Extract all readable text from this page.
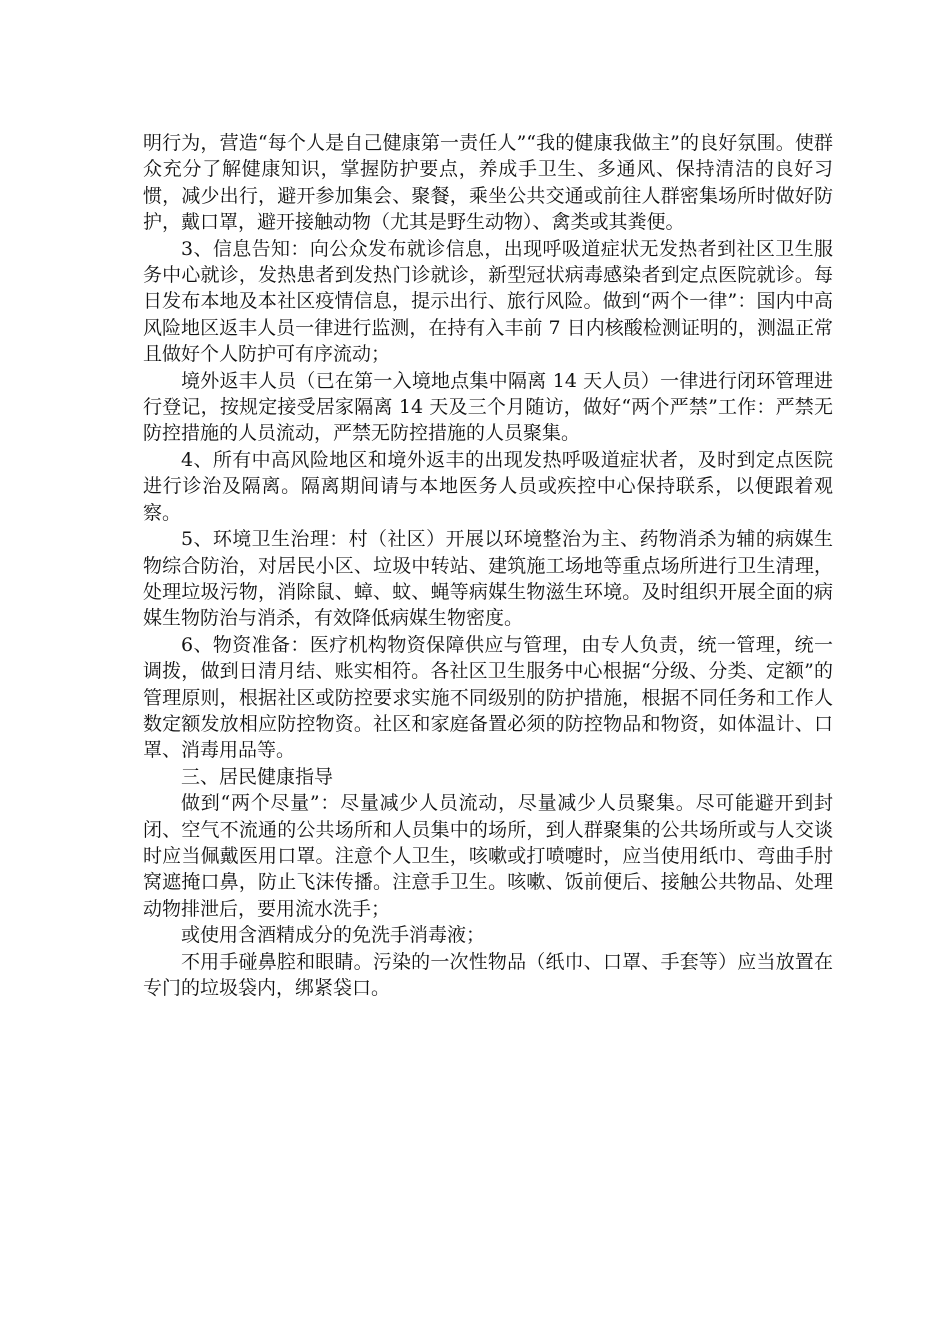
明行为，营造“每个人是自己健康第一责任人”“我的健康我做主”的良好氛围。使群众充分了解健康知识，掌握防护要点，养成手卫生、多通风、保持清洁的良好习惯，减少出行，避开参加集会、聚餐，乘坐公共交通或前往人群密集场所时做好防护，戴口罩，避开接触动物（尤其是野生动物）、禽类或其粪便。

3、信息告知：向公众发布就诊信息，出现呼吸道症状无发热者到社区卫生服务中心就诊，发热患者到发热门诊就诊，新型冠状病毒感染者到定点医院就诊。每日发布本地及本社区疫情信息，提示出行、旅行风险。做到“两个一律”：国内中高风险地区返丰人员一律进行监测，在持有入丰前 7 日内核酸检测证明的，测温正常且做好个人防护可有序流动；

境外返丰人员（已在第一入境地点集中隔离 14 天人员）一律进行闭环管理进行登记，按规定接受居家隔离 14 天及三个月随访，做好“两个严禁”工作：严禁无防控措施的人员流动，严禁无防控措施的人员聚集。

4、所有中高风险地区和境外返丰的出现发热呼吸道症状者，及时到定点医院进行诊治及隔离。隔离期间请与本地医务人员或疾控中心保持联系，以便跟着观察。

5、环境卫生治理：村（社区）开展以环境整治为主、药物消杀为辅的病媒生物综合防治，对居民小区、垃圾中转站、建筑施工场地等重点场所进行卫生清理，处理垃圾污物，消除鼠、蟑、蚊、蝇等病媒生物滋生环境。及时组织开展全面的病媒生物防治与消杀，有效降低病媒生物密度。

6、物资准备：医疗机构物资保障供应与管理，由专人负责，统一管理，统一调拨，做到日清月结、账实相符。各社区卫生服务中心根据“分级、分类、定额”的管理原则，根据社区或防控要求实施不同级别的防护措施，根据不同任务和工作人数定额发放相应防控物资。社区和家庭备置必须的防控物品和物资，如体温计、口罩、消毒用品等。

三、居民健康指导

做到“两个尽量”：尽量减少人员流动，尽量减少人员聚集。尽可能避开到封闭、空气不流通的公共场所和人员集中的场所，到人群聚集的公共场所或与人交谈时应当佩戴医用口罩。注意个人卫生，咳嗽或打喷嚏时，应当使用纸巾、弯曲手肘窝遮掩口鼻，防止飞沫传播。注意手卫生。咳嗽、饭前便后、接触公共物品、处理动物排泄后，要用流水洗手；

或使用含酒精成分的免洗手消毒液；

不用手碰鼻腔和眼睛。污染的一次性物品（纸巾、口罩、手套等）应当放置在专门的垃圾袋内，绑紧袋口。
